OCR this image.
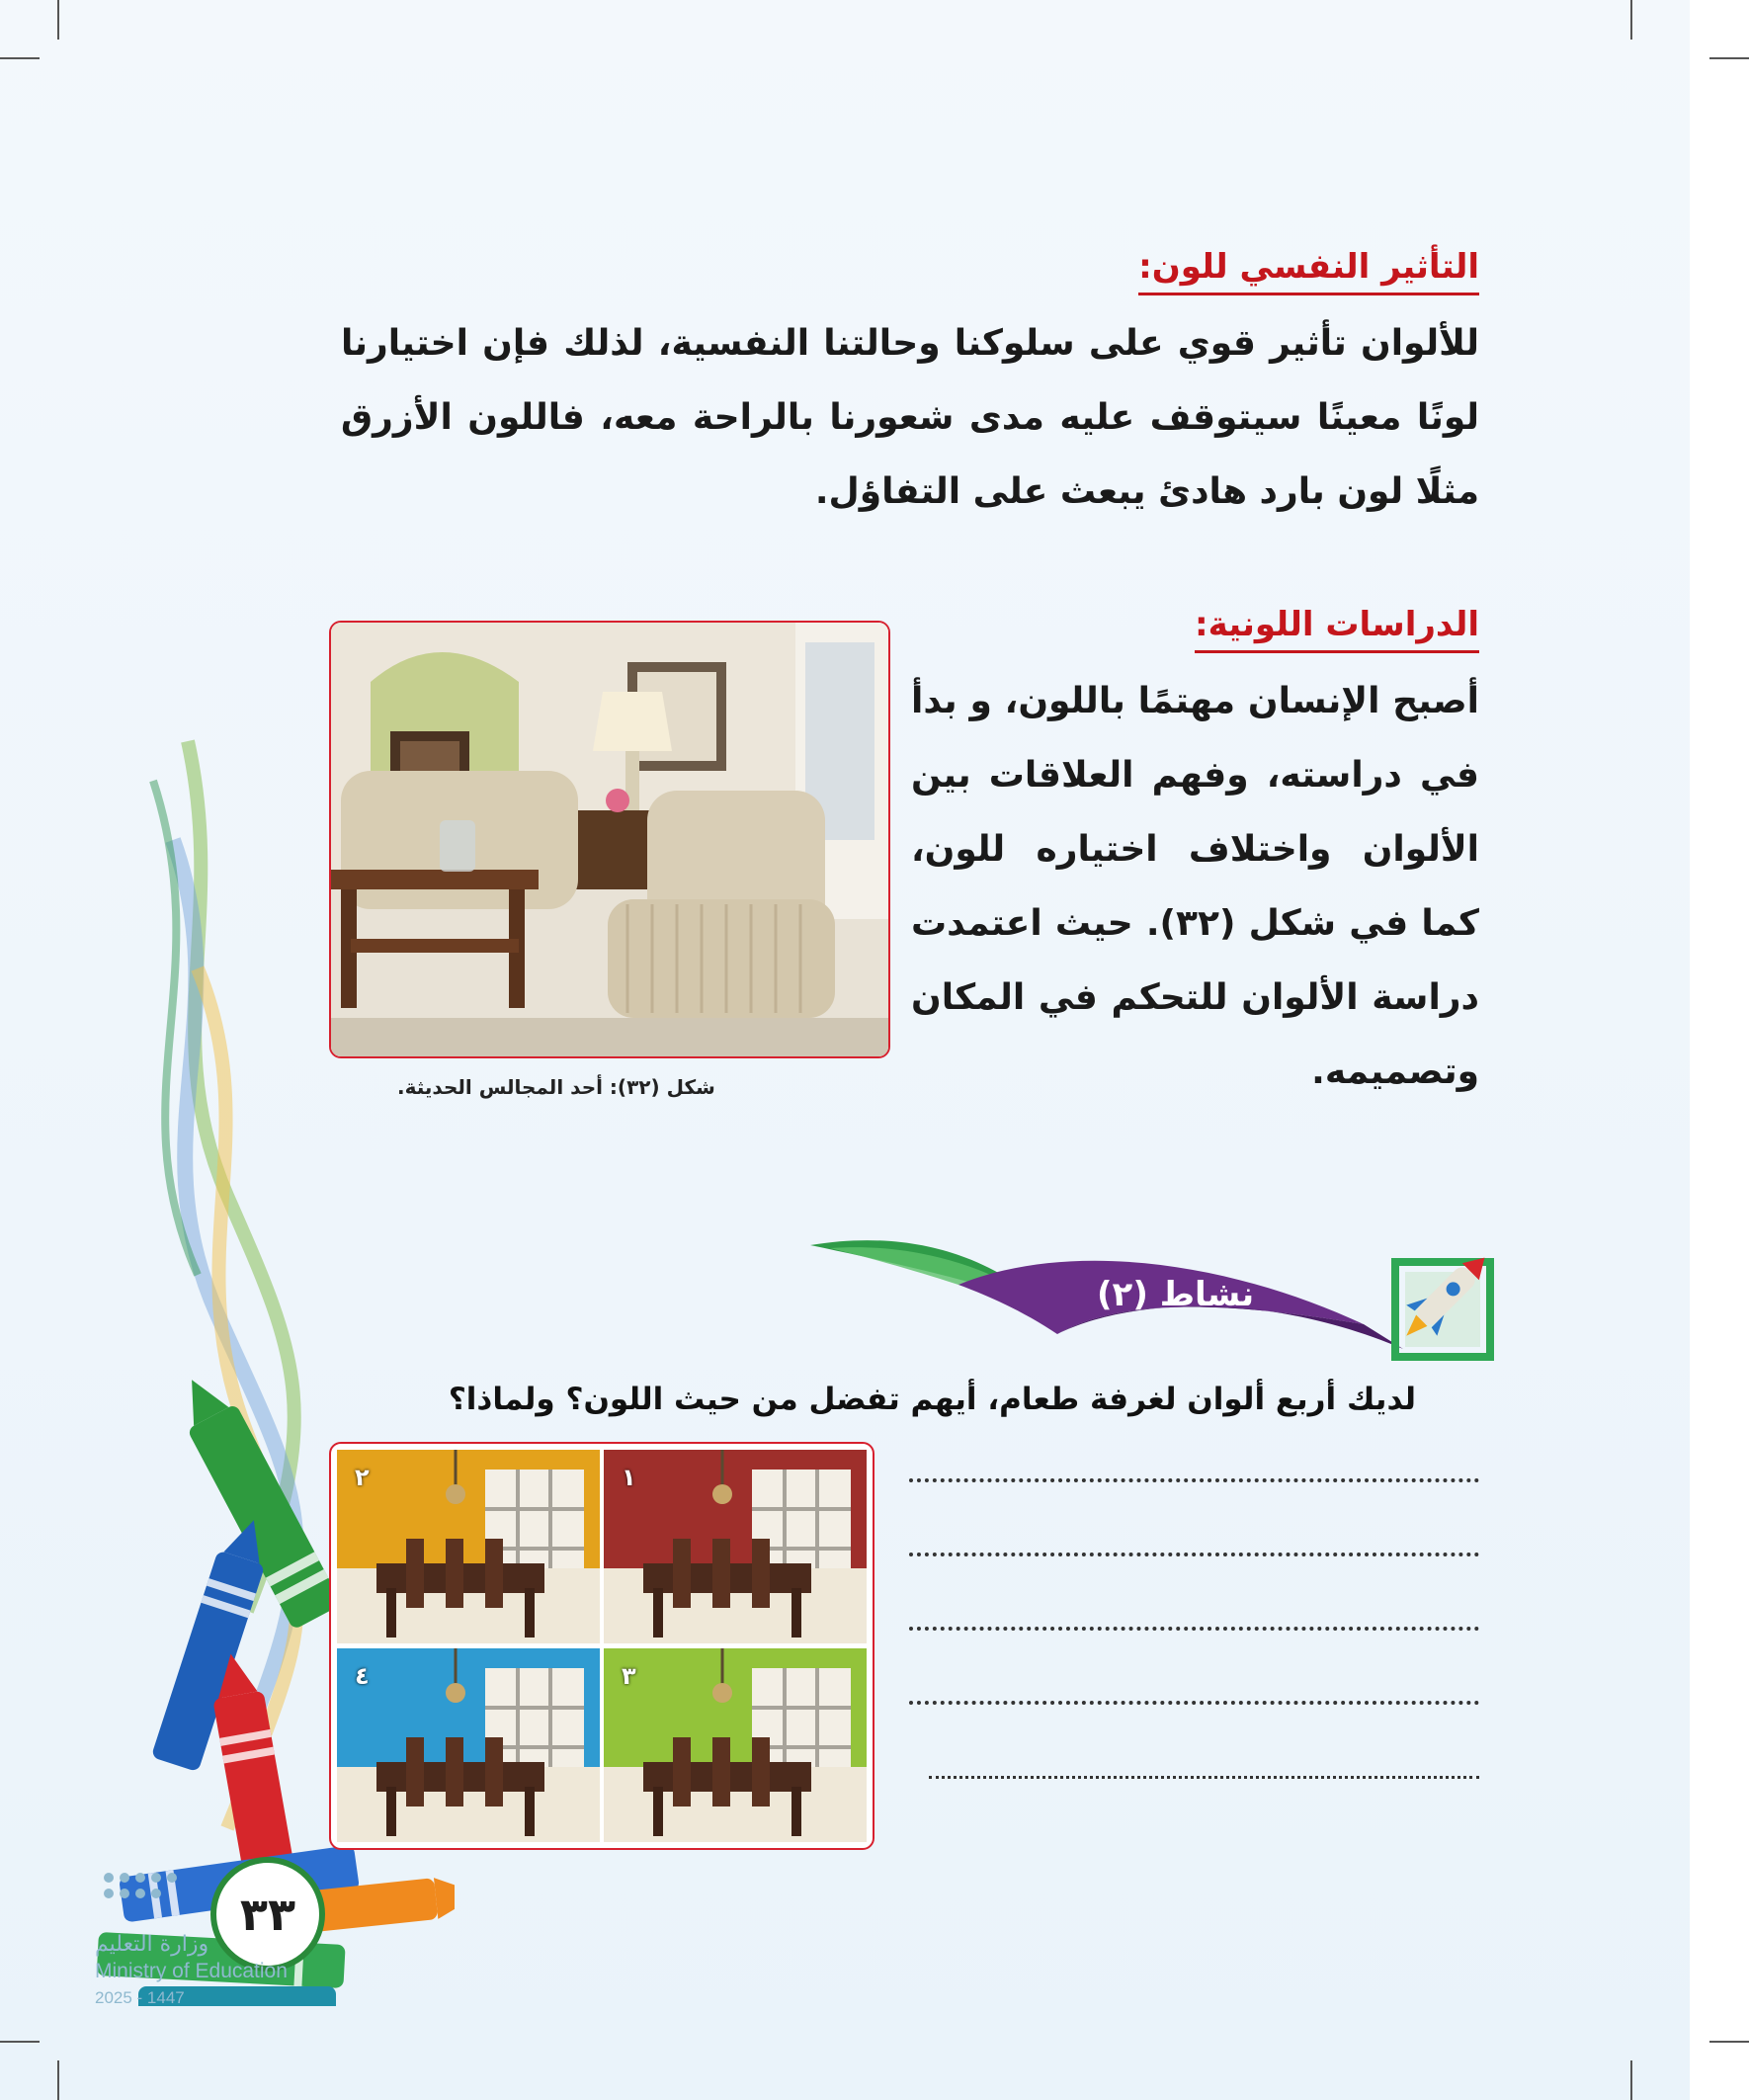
التأثير النفسي للون:
للألوان تأثير قوي على سلوكنا وحالتنا النفسية، لذلك فإن اختيارنا لونًا معينًا سيتوقف عليه مدى شعورنا بالراحة معه، فاللون الأزرق مثلًا لون بارد هادئ يبعث على التفاؤل.
الدراسات اللونية:
أصبح الإنسان مهتمًا باللون، و بدأ في دراسته، وفهم العلاقات بين الألوان واختلاف اختياره للون، كما في شكل (٣٢). حيث اعتمدت دراسة الألوان للتحكم في المكان وتصميمه.
شكل (٣٢): أحد المجالس الحديثة.
نشاط (٢)
لديك أربع ألوان لغرفة طعام، أيهم تفضل من حيث اللون؟ ولماذا؟
٢	١
٤	٣
٣٣
وزارة التعليم
Ministry of Education
2025 - 1447
